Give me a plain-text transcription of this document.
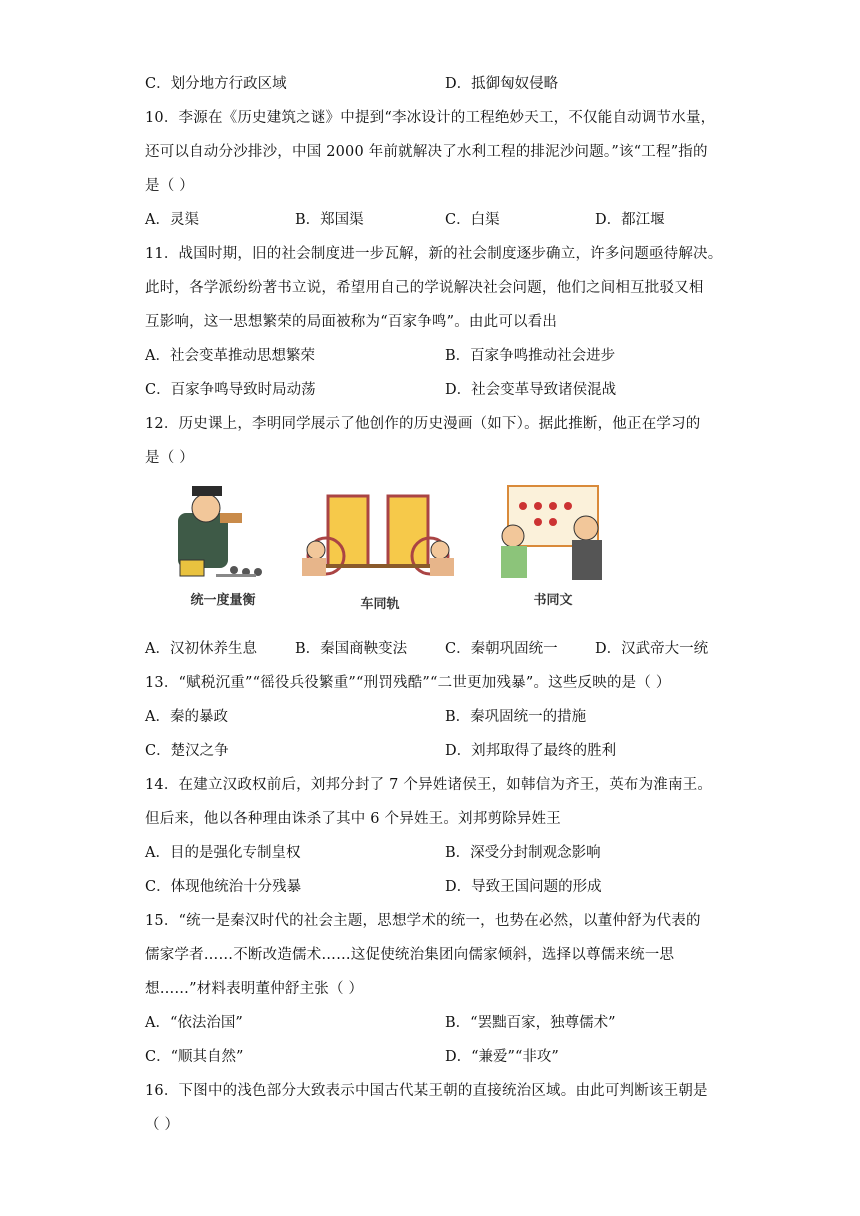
C．划分地方行政区域	D．抵御匈奴侵略
10．李源在《历史建筑之谜》中提到“李冰设计的工程绝妙天工，不仅能自动调节水量，
还可以自动分沙排沙，中国 2000 年前就解决了水利工程的排泥沙问题。”该“工程”指的
是（ ）
A．灵渠	B．郑国渠	C．白渠	D．都江堰
11．战国时期，旧的社会制度进一步瓦解，新的社会制度逐步确立，许多问题亟待解决。
此时，各学派纷纷著书立说，希望用自己的学说解决社会问题，他们之间相互批驳又相
互影响，这一思想繁荣的局面被称为“百家争鸣”。由此可以看出
A．社会变革推动思想繁荣	B．百家争鸣推动社会进步
C．百家争鸣导致时局动荡	D．社会变革导致诸侯混战
12．历史课上，李明同学展示了他创作的历史漫画（如下）。据此推断，他正在学习的
是（ ）
A．汉初休养生息	B．秦国商鞅变法	C．秦朝巩固统一	D．汉武帝大一统
13．“赋税沉重”“徭役兵役繁重”“刑罚残酷”“二世更加残暴”。这些反映的是（ ）
A．秦的暴政	B．秦巩固统一的措施
C．楚汉之争	D．刘邦取得了最终的胜利
14．在建立汉政权前后，刘邦分封了 7 个异姓诸侯王，如韩信为齐王，英布为淮南王。
但后来，他以各种理由诛杀了其中 6 个异姓王。刘邦剪除异姓王
A．目的是强化专制皇权	B．深受分封制观念影响
C．体现他统治十分残暴	D．导致王国问题的形成
15．“统一是秦汉时代的社会主题，思想学术的统一，也势在必然，以董仲舒为代表的
儒家学者……不断改造儒术……这促使统治集团向儒家倾斜，选择以尊儒来统一思
想……”材料表明董仲舒主张（ ）
A．“依法治国”	B．“罢黜百家，独尊儒术”
C．“顺其自然”	D．“兼爱”“非攻”
16．下图中的浅色部分大致表示中国古代某王朝的直接统治区域。由此可判断该王朝是
（ ）
统一度量衡	车同轨	书同文
